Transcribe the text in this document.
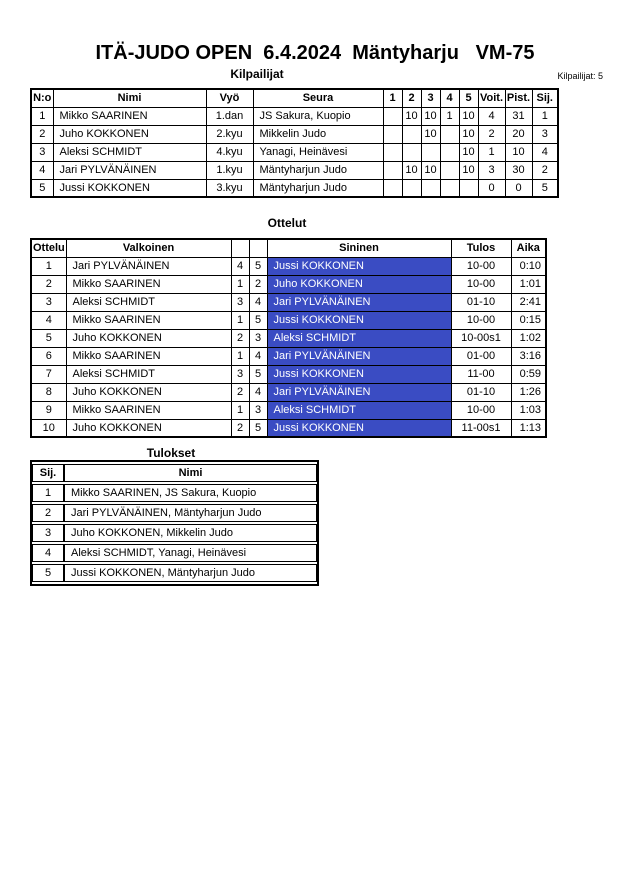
ITÄ-JUDO OPEN  6.4.2024  Mäntyharju   VM-75
Kilpailijat	Kilpailijat: 5
N:o	Nimi	Vyö	Seura	1	2	3	4	5	Voit.	Pist.	Sij.
1	Mikko SAARINEN	1.dan	JS Sakura, Kuopio		10	10	1	10	4	31	1
2	Juho KOKKONEN	2.kyu	Mikkelin Judo			10		10	2	20	3
3	Aleksi SCHMIDT	4.kyu	Yanagi, Heinävesi					10	1	10	4
4	Jari PYLVÄNÄINEN	1.kyu	Mäntyharjun Judo		10	10		10	3	30	2
5	Jussi KOKKONEN	3.kyu	Mäntyharjun Judo						0	0	5
Ottelut
Ottelu	Valkoinen			Sininen	Tulos	Aika
1	Jari PYLVÄNÄINEN	4	5	Jussi KOKKONEN	10-00	0:10
2	Mikko SAARINEN	1	2	Juho KOKKONEN	10-00	1:01
3	Aleksi SCHMIDT	3	4	Jari PYLVÄNÄINEN	01-10	2:41
4	Mikko SAARINEN	1	5	Jussi KOKKONEN	10-00	0:15
5	Juho KOKKONEN	2	3	Aleksi SCHMIDT	10-00s1	1:02
6	Mikko SAARINEN	1	4	Jari PYLVÄNÄINEN	01-00	3:16
7	Aleksi SCHMIDT	3	5	Jussi KOKKONEN	11-00	0:59
8	Juho KOKKONEN	2	4	Jari PYLVÄNÄINEN	01-10	1:26
9	Mikko SAARINEN	1	3	Aleksi SCHMIDT	10-00	1:03
10	Juho KOKKONEN	2	5	Jussi KOKKONEN	11-00s1	1:13
Tulokset
Sij.	Nimi
1	Mikko SAARINEN, JS Sakura, Kuopio
2	Jari PYLVÄNÄINEN, Mäntyharjun Judo
3	Juho KOKKONEN, Mikkelin Judo
4	Aleksi SCHMIDT, Yanagi, Heinävesi
5	Jussi KOKKONEN, Mäntyharjun Judo
